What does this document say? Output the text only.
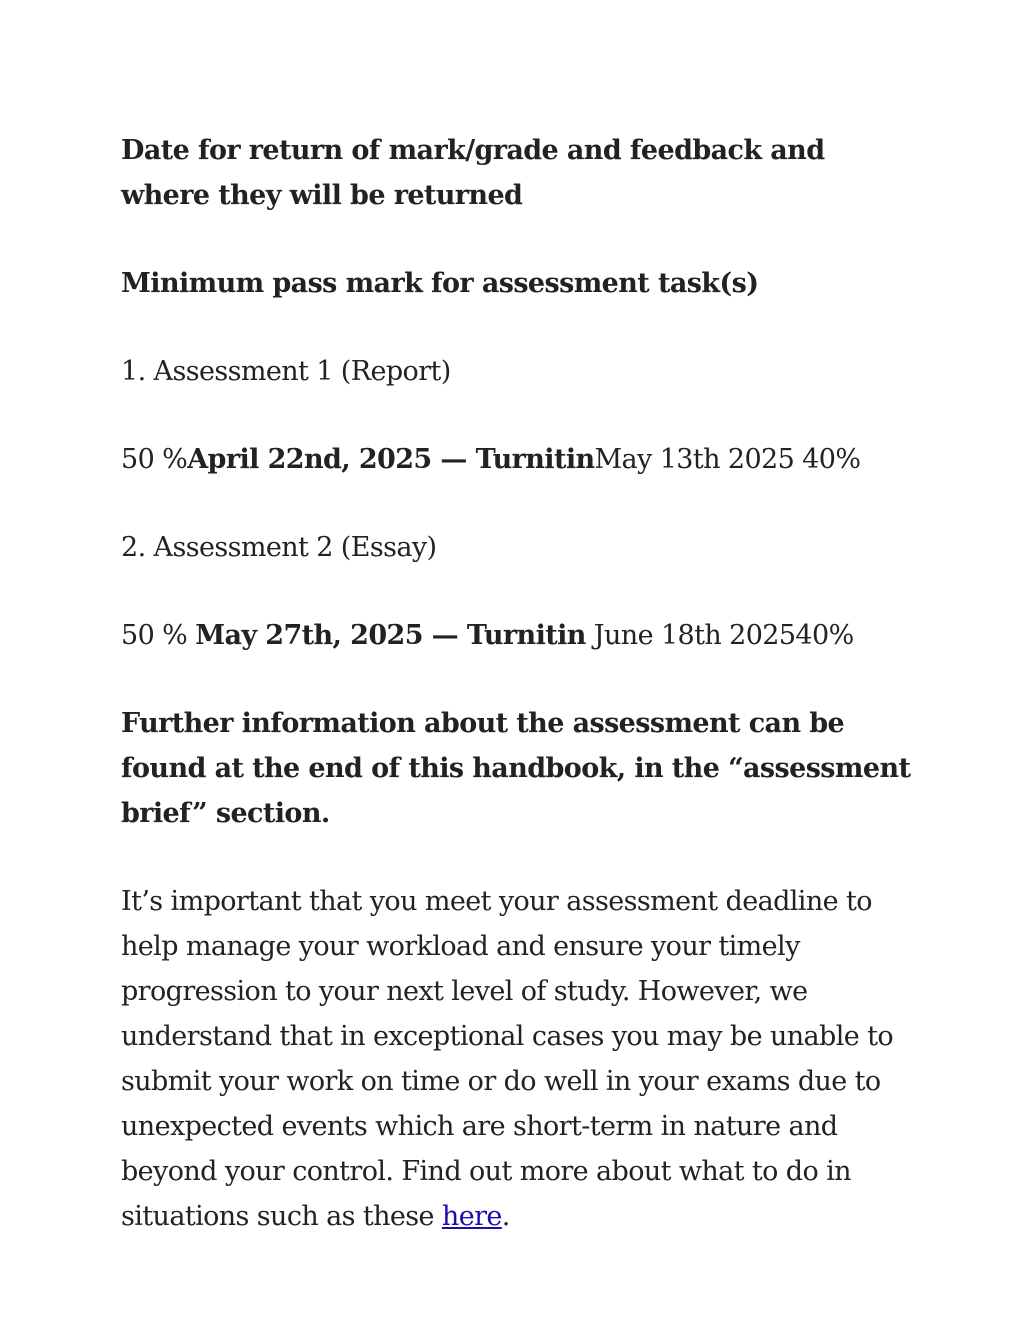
Date for return of mark/grade and feedback and where they will be returned

Minimum pass mark for assessment task(s)

1. Assessment 1 (Report)

50 %April 22nd, 2025 — TurnitinMay 13th 2025 40%

2. Assessment 2 (Essay)

50 % May 27th, 2025 — Turnitin June 18th 202540%

Further information about the assessment can be found at the end of this handbook, in the “assessment brief” section.

It’s important that you meet your assessment deadline to help manage your workload and ensure your timely progression to your next level of study. However, we understand that in exceptional cases you may be unable to submit your work on time or do well in your exams due to unexpected events which are short-term in nature and beyond your control. Find out more about what to do in situations such as these here.
